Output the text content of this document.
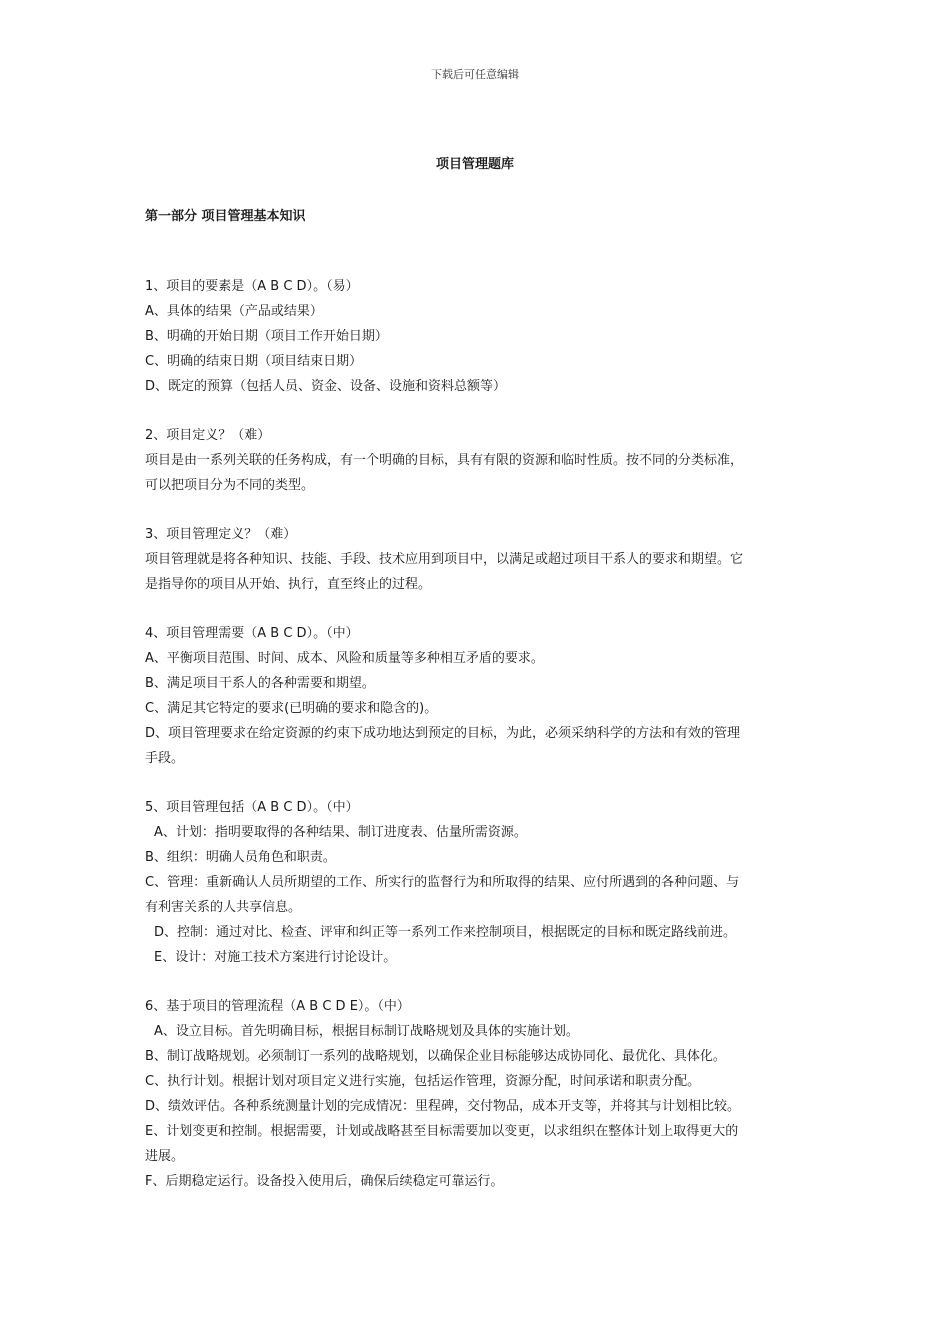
下载后可任意编辑
项目管理题库
第一部分 项目管理基本知识
1、项目的要素是（A B C D）。（易）
A、具体的结果（产品或结果）
B、明确的开始日期（项目工作开始日期）
C、明确的结束日期（项目结束日期）
D、既定的预算（包括人员、资金、设备、设施和资料总额等）
2、项目定义？（难）
项目是由一系列关联的任务构成，有一个明确的目标，具有有限的资源和临时性质。按不同的分类标准，
可以把项目分为不同的类型。
3、项目管理定义？（难）
项目管理就是将各种知识、技能、手段、技术应用到项目中，以满足或超过项目干系人的要求和期望。它
是指导你的项目从开始、执行，直至终止的过程。
4、项目管理需要（A B C D）。（中）
A、平衡项目范围、时间、成本、风险和质量等多种相互矛盾的要求。
B、满足项目干系人的各种需要和期望。
C、满足其它特定的要求(已明确的要求和隐含的)。
D、项目管理要求在给定资源的约束下成功地达到预定的目标，为此，必须采纳科学的方法和有效的管理
手段。
5、项目管理包括（A B C D）。（中）
A、计划：指明要取得的各种结果、制订进度表、估量所需资源。
B、组织：明确人员角色和职责。
C、管理：重新确认人员所期望的工作、所实行的监督行为和所取得的结果、应付所遇到的各种问题、与
有利害关系的人共享信息。
D、控制：通过对比、检查、评审和纠正等一系列工作来控制项目，根据既定的目标和既定路线前进。
E、设计：对施工技术方案进行讨论设计。
6、基于项目的管理流程（A B C D E）。（中）
A、设立目标。首先明确目标，根据目标制订战略规划及具体的实施计划。
B、制订战略规划。必须制订一系列的战略规划，以确保企业目标能够达成协同化、最优化、具体化。
C、执行计划。根据计划对项目定义进行实施，包括运作管理，资源分配，时间承诺和职责分配。
D、绩效评估。各种系统测量计划的完成情况：里程碑，交付物品，成本开支等，并将其与计划相比较。
E、计划变更和控制。根据需要，计划或战略甚至目标需要加以变更，以求组织在整体计划上取得更大的
进展。
F、后期稳定运行。设备投入使用后，确保后续稳定可靠运行。
